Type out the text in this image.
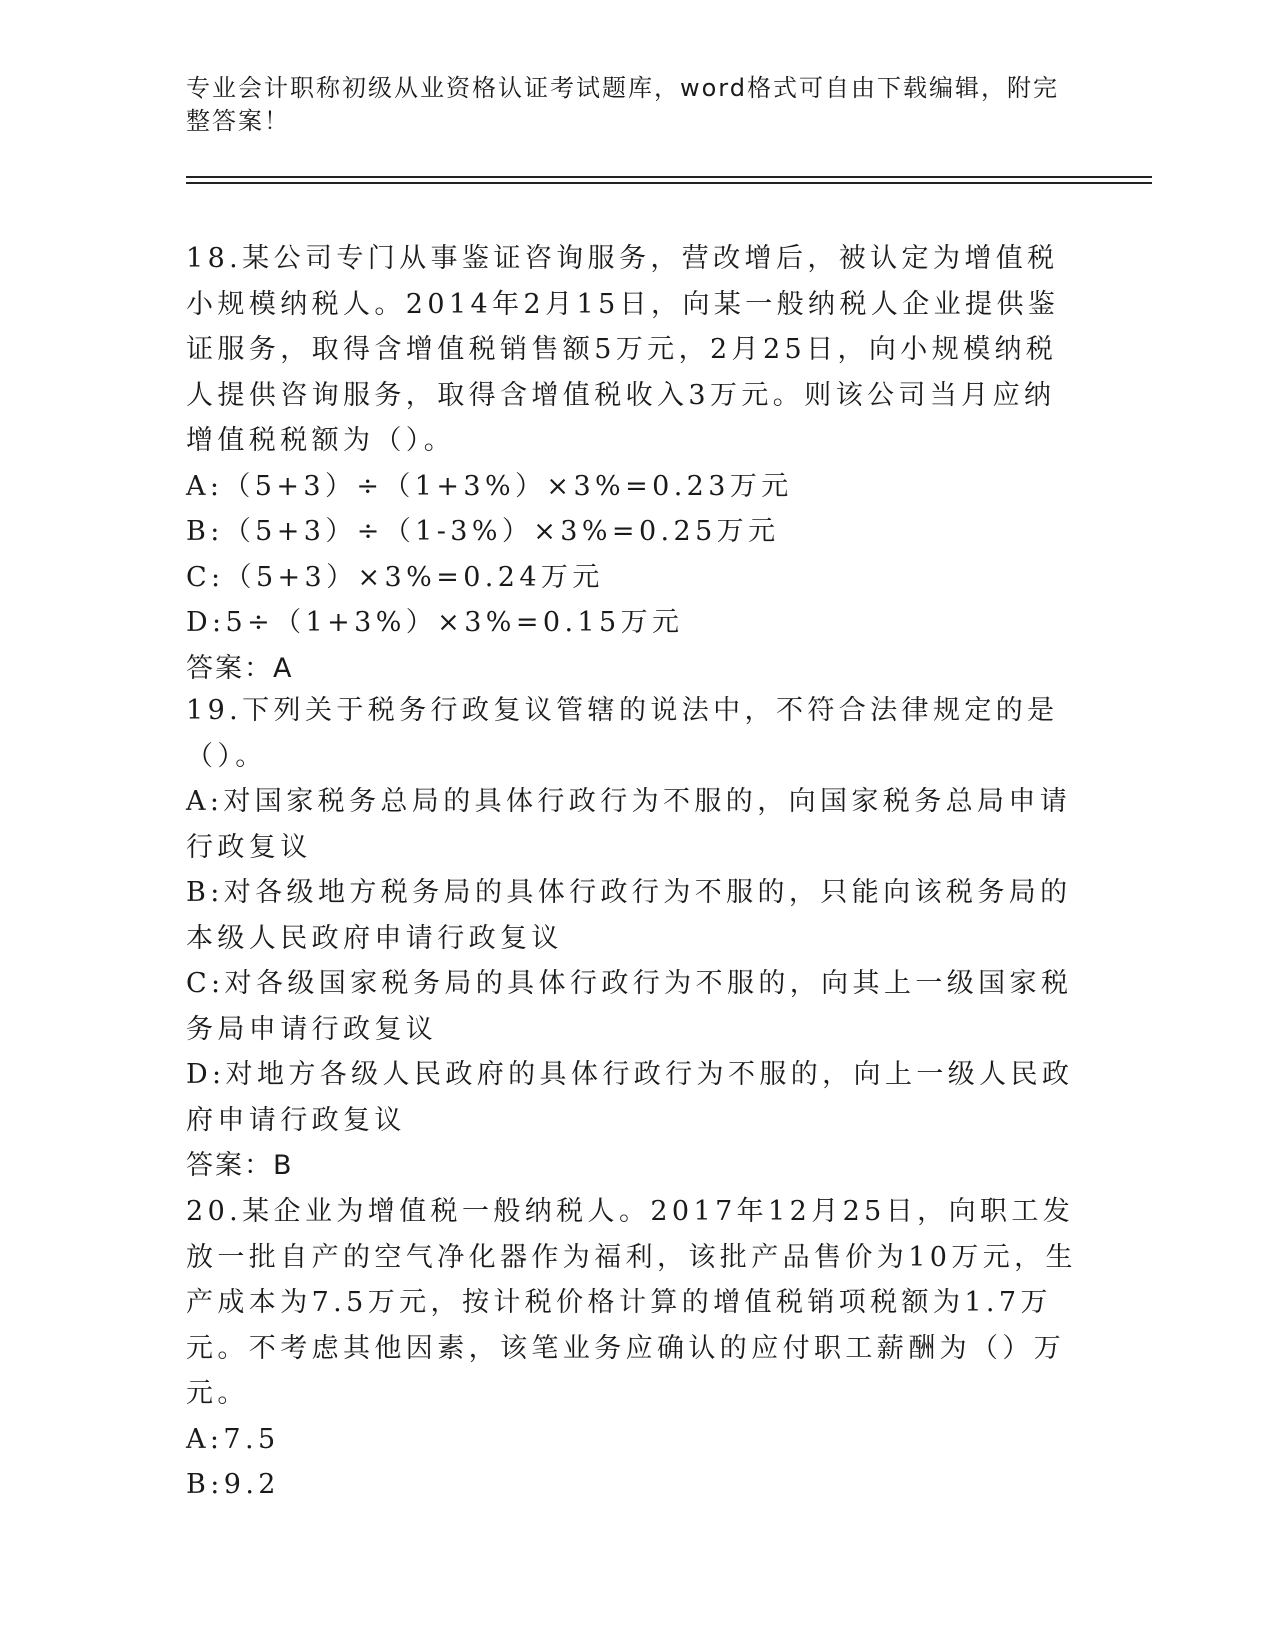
专业会计职称初级从业资格认证考试题库，word格式可自由下载编辑，附完整答案！

18.某公司专门从事鉴证咨询服务，营改增后，被认定为增值税小规模纳税人。2014年2月15日，向某一般纳税人企业提供鉴证服务，取得含增值税销售额5万元，2月25日，向小规模纳税人提供咨询服务，取得含增值税收入3万元。则该公司当月应纳增值税税额为（）。

A:（5+3）÷（1+3%）×3%=0.23万元

B:（5+3）÷（1-3%）×3%=0.25万元

C:（5+3）×3%=0.24万元

D:5÷（1+3%）×3%=0.15万元

答案：A

19.下列关于税务行政复议管辖的说法中，不符合法律规定的是（）。

A:对国家税务总局的具体行政行为不服的，向国家税务总局申请行政复议

B:对各级地方税务局的具体行政行为不服的，只能向该税务局的本级人民政府申请行政复议

C:对各级国家税务局的具体行政行为不服的，向其上一级国家税务局申请行政复议

D:对地方各级人民政府的具体行政行为不服的，向上一级人民政府申请行政复议

答案：B

20.某企业为增值税一般纳税人。2017年12月25日，向职工发放一批自产的空气净化器作为福利，该批产品售价为10万元，生产成本为7.5万元，按计税价格计算的增值税销项税额为1.7万元。不考虑其他因素，该笔业务应确认的应付职工薪酬为（）万元。

A:7.5

B:9.2
